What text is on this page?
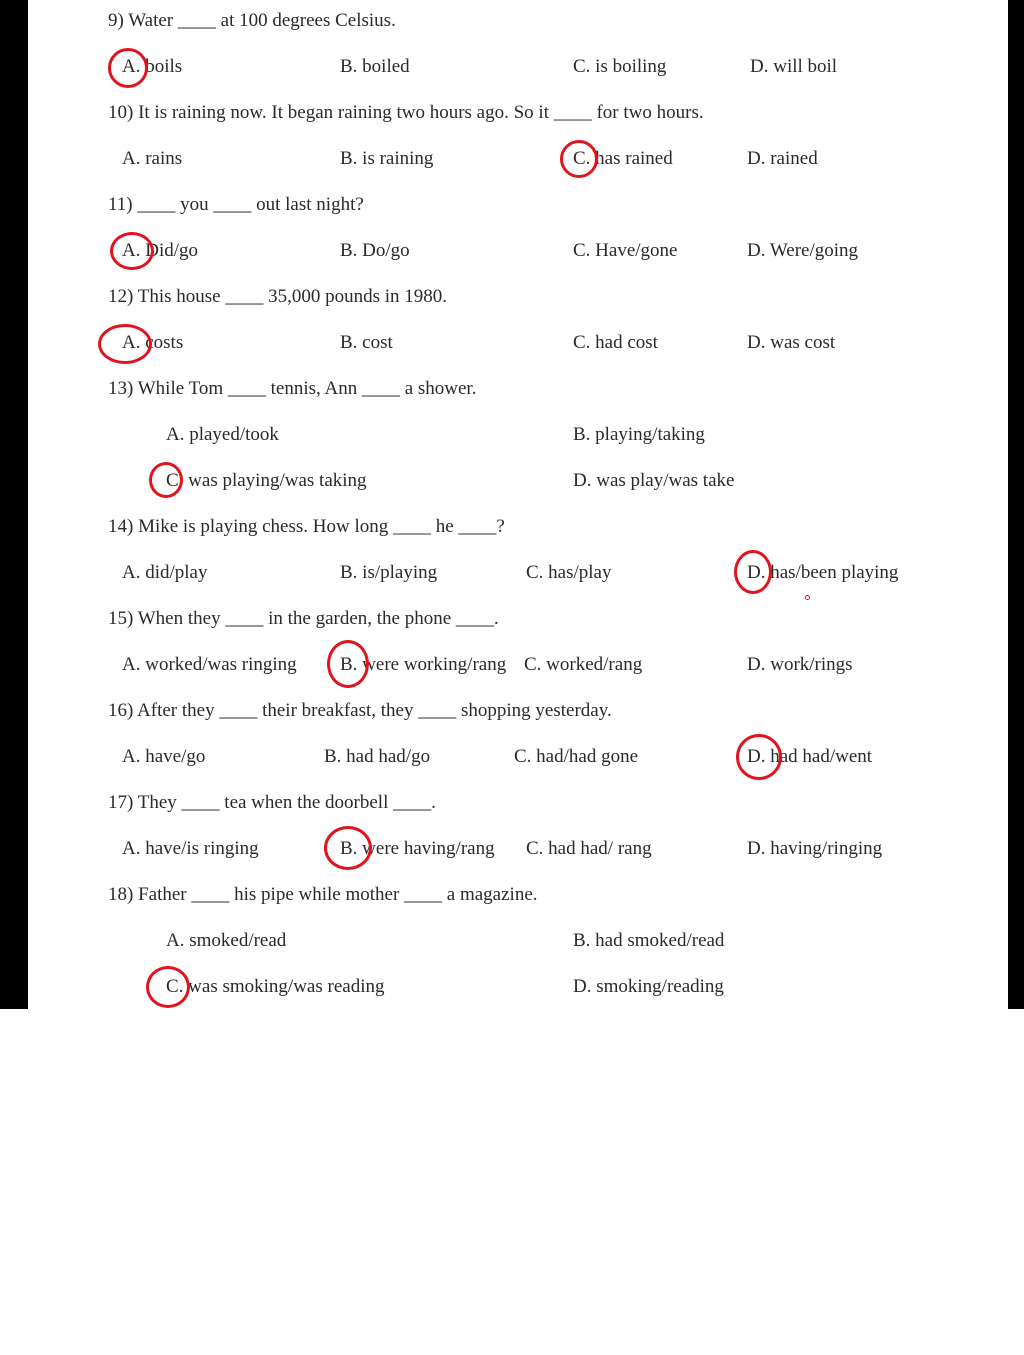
9) Water ____ at 100 degrees Celsius.
A. boils	B. boiled	C. is boiling	D. will boil
10) It is raining now. It began raining two hours ago. So it ____ for two hours.
A. rains	B. is raining	C. has rained	D. rained
11) ____ you ____ out last night?
A. Did/go	B. Do/go	C. Have/gone	D. Were/going
12) This house ____ 35,000 pounds in 1980.
A. costs	B. cost	C. had cost	D. was cost
13) While Tom ____ tennis, Ann ____ a shower.
A. played/took	B. playing/taking
C. was playing/was taking	D. was play/was take
14) Mike is playing chess. How long ____ he ____?
A. did/play	B. is/playing	C. has/play	D. has/been playing
15) When they ____ in the garden, the phone ____.
A. worked/was ringing B. were working/rang C. worked/rang	D. work/rings
16) After they ____ their breakfast, they ____ shopping yesterday.
A. have/go	B. had had/go	C. had/had gone	D. had had/went
17) They ____ tea when the doorbell ____.
A. have/is ringing	B. were having/rang C. had had/ rang	D. having/ringing
18) Father ____ his pipe while mother ____ a magazine.
A. smoked/read	B. had smoked/read
C. was smoking/was reading	D. smoking/reading
